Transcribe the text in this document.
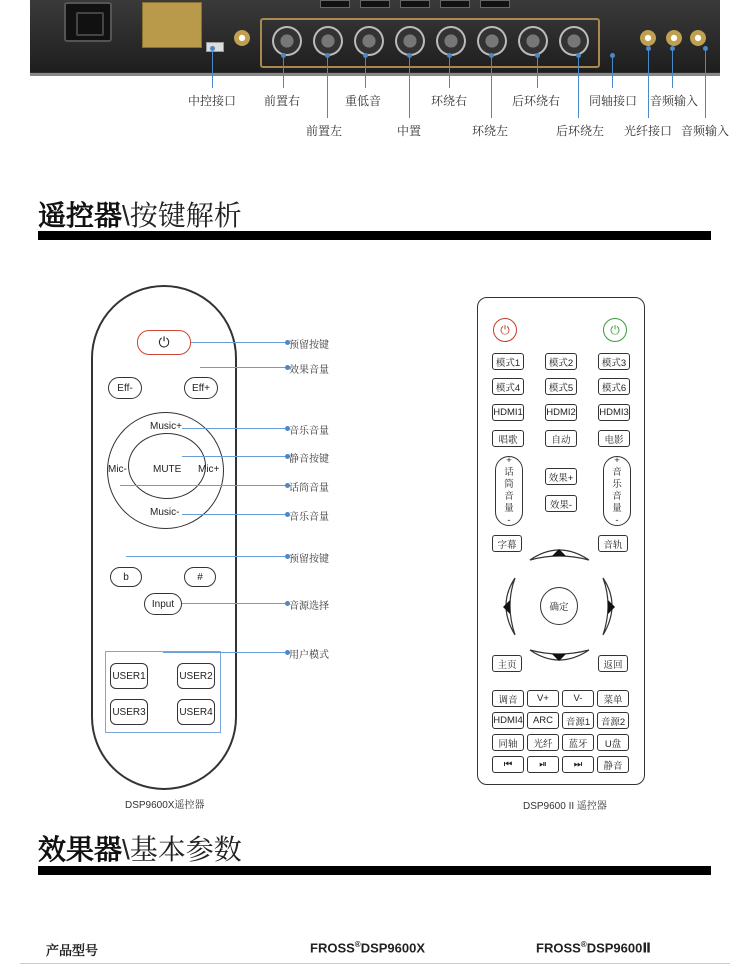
中控接口 前置右	重低音	环绕右	后环绕右 同轴接口 音频输入
前置左	中置	环绕左	后环绕左 光纤接口 音频输入
遥控器\按键解析
⏻
Eff-	Eff+
Music+
Music-
Mic-	Mic+
MUTE
b	#
Input
USER1	USER2
USER3	USER4
DSP9600X遥控器
预留按键
效果音量
音乐音量
静音按键
话筒音量
音乐音量
预留按键
音源选择
用户模式
⏻	⏻
模式1	模式2	模式3
模式4	模式5	模式6
HDMI1 HDMI2 HDMI3
唱歌	自动	电影
+
话
筒
音
量
-
+
音
乐
音
量
-
效果+
效果-
字幕	音轨
确定
主页	返回
调音	V+	V-	菜单
HDMI4	ARC	音源1	音源2
同轴	光纤	蓝牙	U盘
⏮	⏯	⏭	静音
DSP9600 II 遥控器
效果器\基本参数
产品型号	FROSS®DSP9600X	FROSS®DSP9600Ⅱ
